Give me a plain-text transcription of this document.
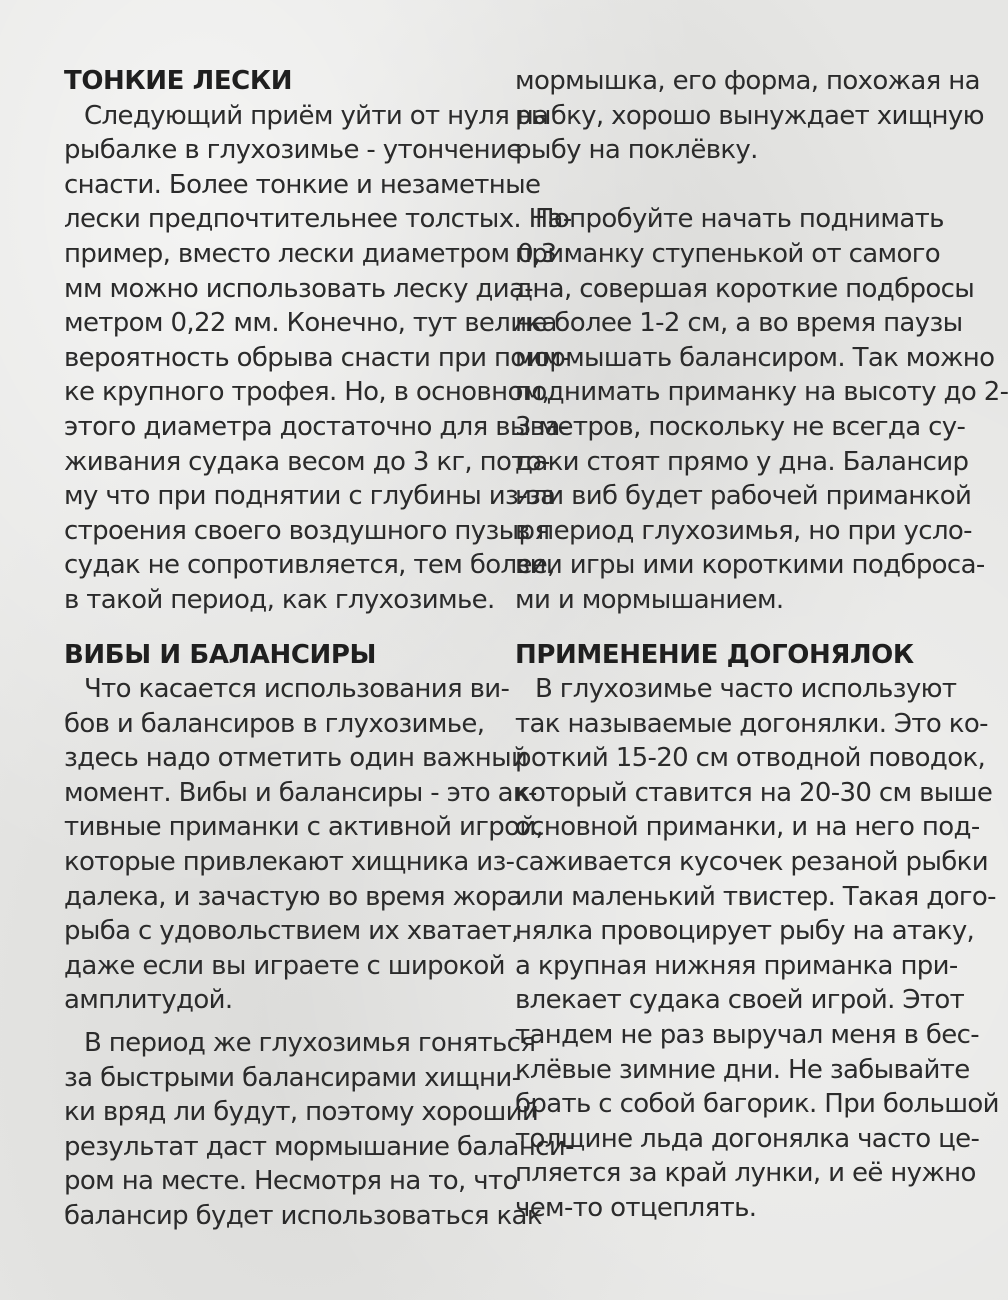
ТОНКИЕ ЛЕСКИ
Следующий приём уйти от нуля на
рыбалке в глухозимье - утончение
снасти. Более тонкие и незаметные
лески предпочтительнее толстых. На-
пример, вместо лески диаметром 0,3
мм можно использовать леску диа-
метром 0,22 мм. Конечно, тут велика
вероятность обрыва снасти при поим-
ке крупного трофея. Но, в основном,
этого диаметра достаточно для выва-
живания судака весом до 3 кг, пото-
му что при поднятии с глубины из-за
строения своего воздушного пузыря
судак не сопротивляется, тем более,
в такой период, как глухозимье.
ВИБЫ И БАЛАНСИРЫ
Что касается использования ви-
бов и балансиров в глухозимье,
здесь надо отметить один важный
момент. Вибы и балансиры - это ак-
тивные приманки с активной игрой,
которые привлекают хищника из-
далека, и зачастую во время жора
рыба с удовольствием их хватает,
даже если вы играете с широкой
амплитудой.
В период же глухозимья гоняться
за быстрыми балансирами хищни-
ки вряд ли будут, поэтому хороший
результат даст мормышание баланси-
ром на месте. Несмотря на то, что
балансир будет использоваться как
мормышка, его форма, похожая на
рыбку, хорошо вынуждает хищную
рыбу на поклёвку.
Попробуйте начать поднимать
приманку ступенькой от самого
дна, совершая короткие подбросы
не более 1-2 см, а во время паузы
мормышать балансиром. Так можно
поднимать приманку на высоту до 2-
3 метров, поскольку не всегда су-
даки стоят прямо у дна. Балансир
или виб будет рабочей приманкой
в период глухозимья, но при усло-
вии игры ими короткими подброса-
ми и мормышанием.
ПРИМЕНЕНИЕ ДОГОНЯЛОК
В глухозимье часто используют
так называемые догонялки. Это ко-
роткий 15-20 см отводной поводок,
который ставится на 20-30 см выше
основной приманки, и на него под-
саживается кусочек резаной рыбки
или маленький твистер. Такая дого-
нялка провоцирует рыбу на атаку,
а крупная нижняя приманка при-
влекает судака своей игрой. Этот
тандем не раз выручал меня в бес-
клёвые зимние дни. Не забывайте
брать с собой багорик. При большой
толщине льда догонялка часто це-
пляется за край лунки, и её нужно
чем-то отцеплять.
